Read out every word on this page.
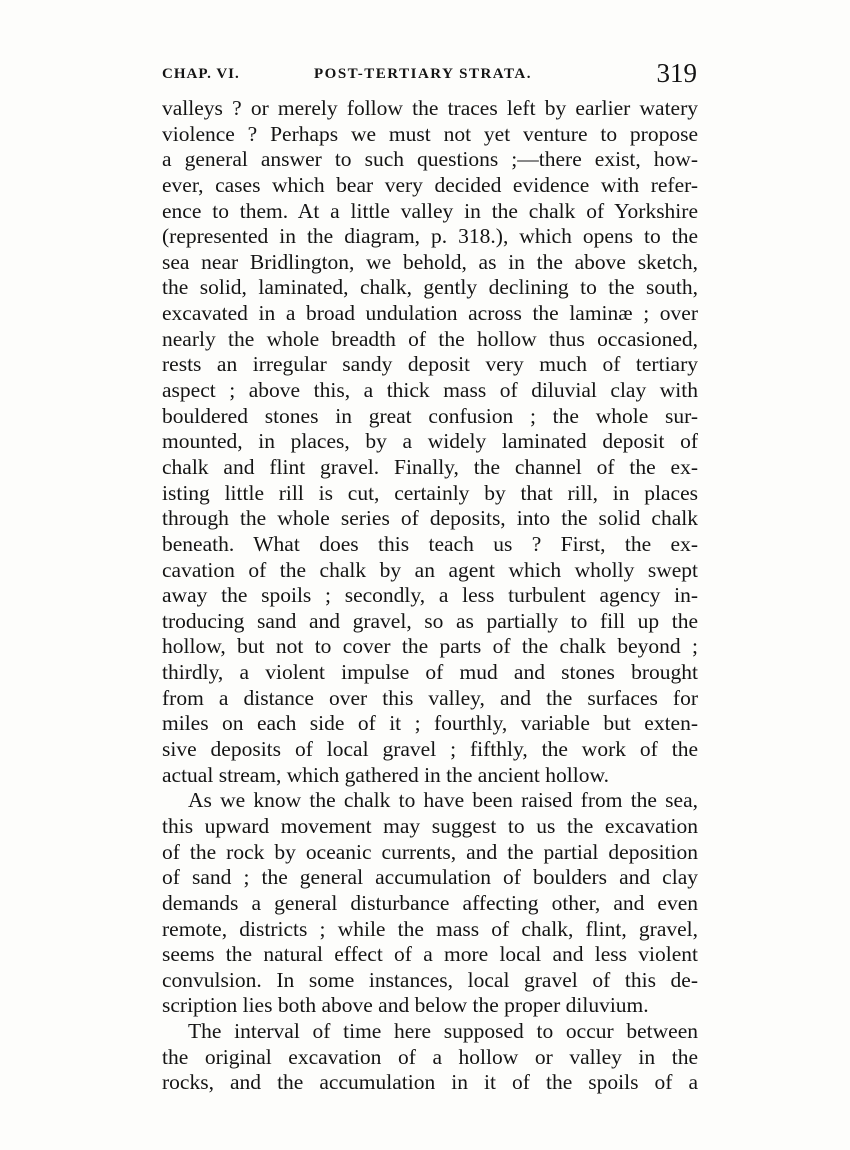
CHAP. VI.	POST-TERTIARY STRATA.	319
valleys ? or merely follow the traces left by earlier watery
violence ? Perhaps we must not yet venture to propose
a general answer to such questions ;—there exist, how-
ever, cases which bear very decided evidence with refer-
ence to them. At a little valley in the chalk of Yorkshire
(represented in the diagram, p. 318.), which opens to the
sea near Bridlington, we behold, as in the above sketch,
the solid, laminated, chalk, gently declining to the south,
excavated in a broad undulation across the laminæ ; over
nearly the whole breadth of the hollow thus occasioned,
rests an irregular sandy deposit very much of tertiary
aspect ; above this, a thick mass of diluvial clay with
bouldered stones in great confusion ; the whole sur-
mounted, in places, by a widely laminated deposit of
chalk and flint gravel. Finally, the channel of the ex-
isting little rill is cut, certainly by that rill, in places
through the whole series of deposits, into the solid chalk
beneath. What does this teach us ? First, the ex-
cavation of the chalk by an agent which wholly swept
away the spoils ; secondly, a less turbulent agency in-
troducing sand and gravel, so as partially to fill up the
hollow, but not to cover the parts of the chalk beyond ;
thirdly, a violent impulse of mud and stones brought
from a distance over this valley, and the surfaces for
miles on each side of it ; fourthly, variable but exten-
sive deposits of local gravel ; fifthly, the work of the
actual stream, which gathered in the ancient hollow.
As we know the chalk to have been raised from the sea,
this upward movement may suggest to us the excavation
of the rock by oceanic currents, and the partial deposition
of sand ; the general accumulation of boulders and clay
demands a general disturbance affecting other, and even
remote, districts ; while the mass of chalk, flint, gravel,
seems the natural effect of a more local and less violent
convulsion. In some instances, local gravel of this de-
scription lies both above and below the proper diluvium.
The interval of time here supposed to occur between
the original excavation of a hollow or valley in the
rocks, and the accumulation in it of the spoils of a
